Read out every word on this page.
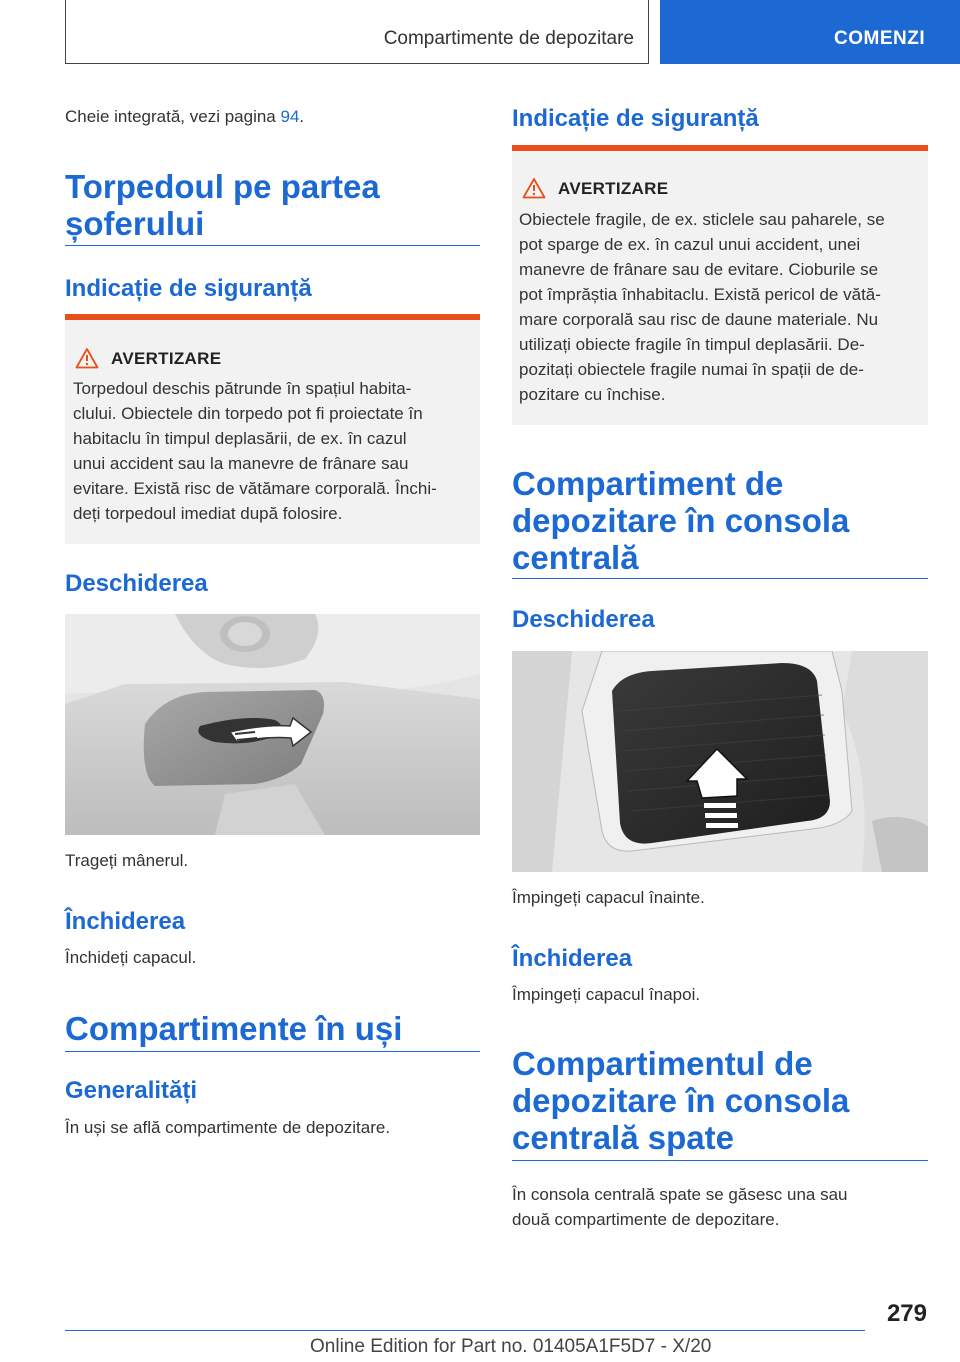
Compartimente de depozitare	COMENZI
Cheie integrată, vezi pagina 94.
Torpedoul pe partea
șoferului
Indicație de siguranță
AVERTIZARE
Torpedoul deschis pătrunde în spațiul habita-
clului. Obiectele din torpedo pot fi proiectate în
habitaclu în timpul deplasării, de ex. în cazul
unui accident sau la manevre de frânare sau
evitare. Există risc de vătămare corporală. Închi-
deți torpedoul imediat după folosire.
Deschiderea
Trageți mânerul.
Închiderea
Închideți capacul.
Compartimente în uși
Generalități
În uși se află compartimente de depozitare.
Indicație de siguranță
AVERTIZARE
Obiectele fragile, de ex. sticlele sau paharele, se
pot sparge de ex. în cazul unui accident, unei
manevre de frânare sau de evitare. Cioburile se
pot împrăștia înhabitaclu. Există pericol de vătă-
mare corporală sau risc de daune materiale. Nu
utilizați obiecte fragile în timpul deplasării. De-
pozitați obiectele fragile numai în spații de de-
pozitare cu închise.
Compartiment de
depozitare în consola
centrală
Deschiderea
Împingeți capacul înainte.
Închiderea
Împingeți capacul înapoi.
Compartimentul de
depozitare în consola
centrală spate
În consola centrală spate se găsesc una sau
două compartimente de depozitare.
279
Online Edition for Part no. 01405A1F5D7 - X/20
